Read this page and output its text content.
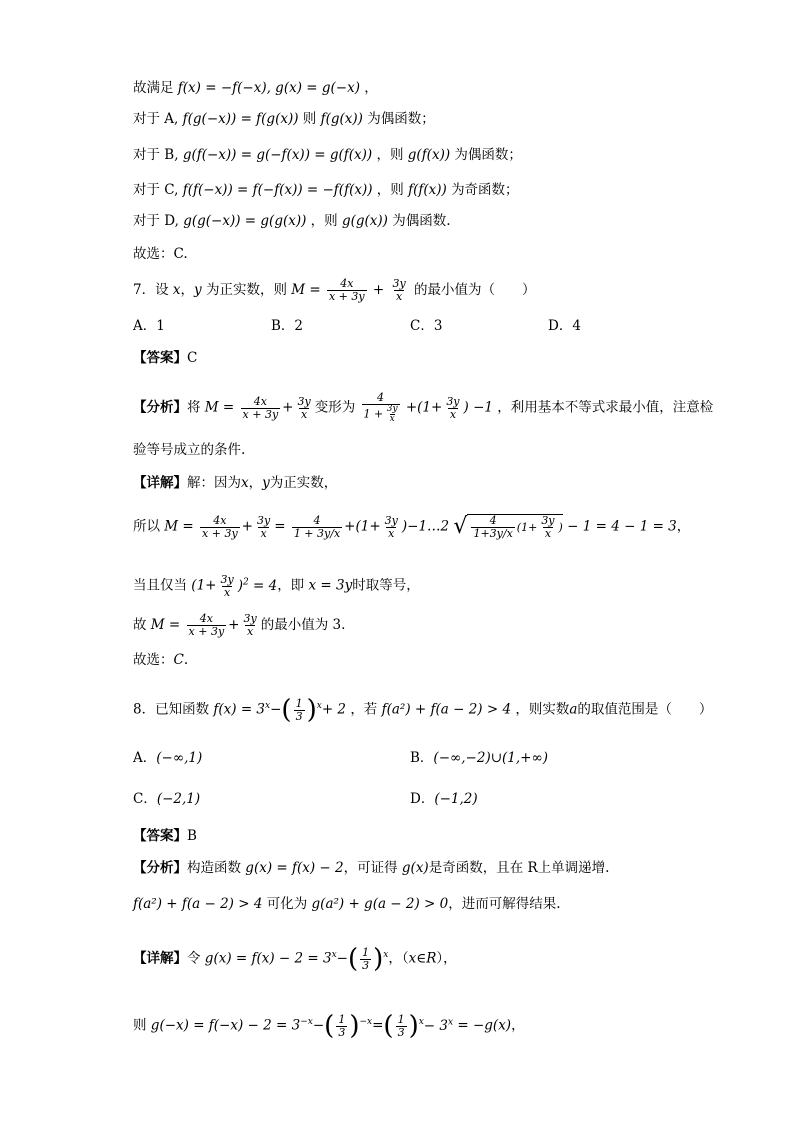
故满足 f(x) = −f(−x), g(x) = g(−x) ，
对于 A, f(g(−x)) = f(g(x)) 则 f(g(x)) 为偶函数；
对于 B, g(f(−x)) = g(−f(x)) = g(f(x)) ，则 g(f(x)) 为偶函数；
对于 C, f(f(−x)) = f(−f(x)) = −f(f(x)) ，则 f(f(x)) 为奇函数；
对于 D, g(g(−x)) = g(g(x)) ，则 g(g(x)) 为偶函数.
故选：C.
7．设 x，y 为正实数，则 $M = \frac{4x}{x + 3y} + \frac{3y}{x}$ 的最小值为（　　）
A．1	B．2	C．3	D．4
【答案】C
【分析】将 $M = \frac{4x}{x + 3y} + \frac{3y}{x}$ 变形为 $\frac{4}{1 + \frac{3y}{x}} +(1+ \frac{3y}{x}$ ) −1 ，利用基本不等式求最小值，注意检
验等号成立的条件.
【详解】解：因为x，y为正实数，
所以 $M = \frac{4x}{x + 3y} + \frac{3y}{x} = \frac{4}{1 + 3y/x} +(1+ \frac{3y}{x}$ )−1…2 √ $\frac{4}{1+3y/x} (1+ \frac{3y}{x}$ ) − 1 = 4 − 1 = 3，
当且仅当 $(1+ \frac{3y}{x} )^2 = 4$，即 x = 3y时取等号，
故 $M = \frac{4x}{x + 3y} + \frac{3y}{x}$ 的最小值为 3.
故选：C.
8．已知函数 $f(x) = 3^x-( \frac{1}{3} )^x+ 2$ ，若 f(a²) + f(a − 2) > 4 ，则实数a的取值范围是（　　）
A．(−∞,1)	B．(−∞,−2)∪(1,+∞)
C．(−2,1)	D．(−1,2)
【答案】B
【分析】构造函数 g(x) = f(x) − 2，可证得 g(x)是奇函数，且在 R上单调递增.
f(a²) + f(a − 2) > 4 可化为 g(a²) + g(a − 2) > 0，进而可解得结果.
【详解】令 $g(x) = f(x) - 2 = 3^x-( \frac{1}{3} )^x$，（x∈R），
则 $g(-x) = f(-x) - 2 = 3^{-x}-( \frac{1}{3} )^{-x}=( \frac{1}{3} )^x- 3^x = -g(x)$，
